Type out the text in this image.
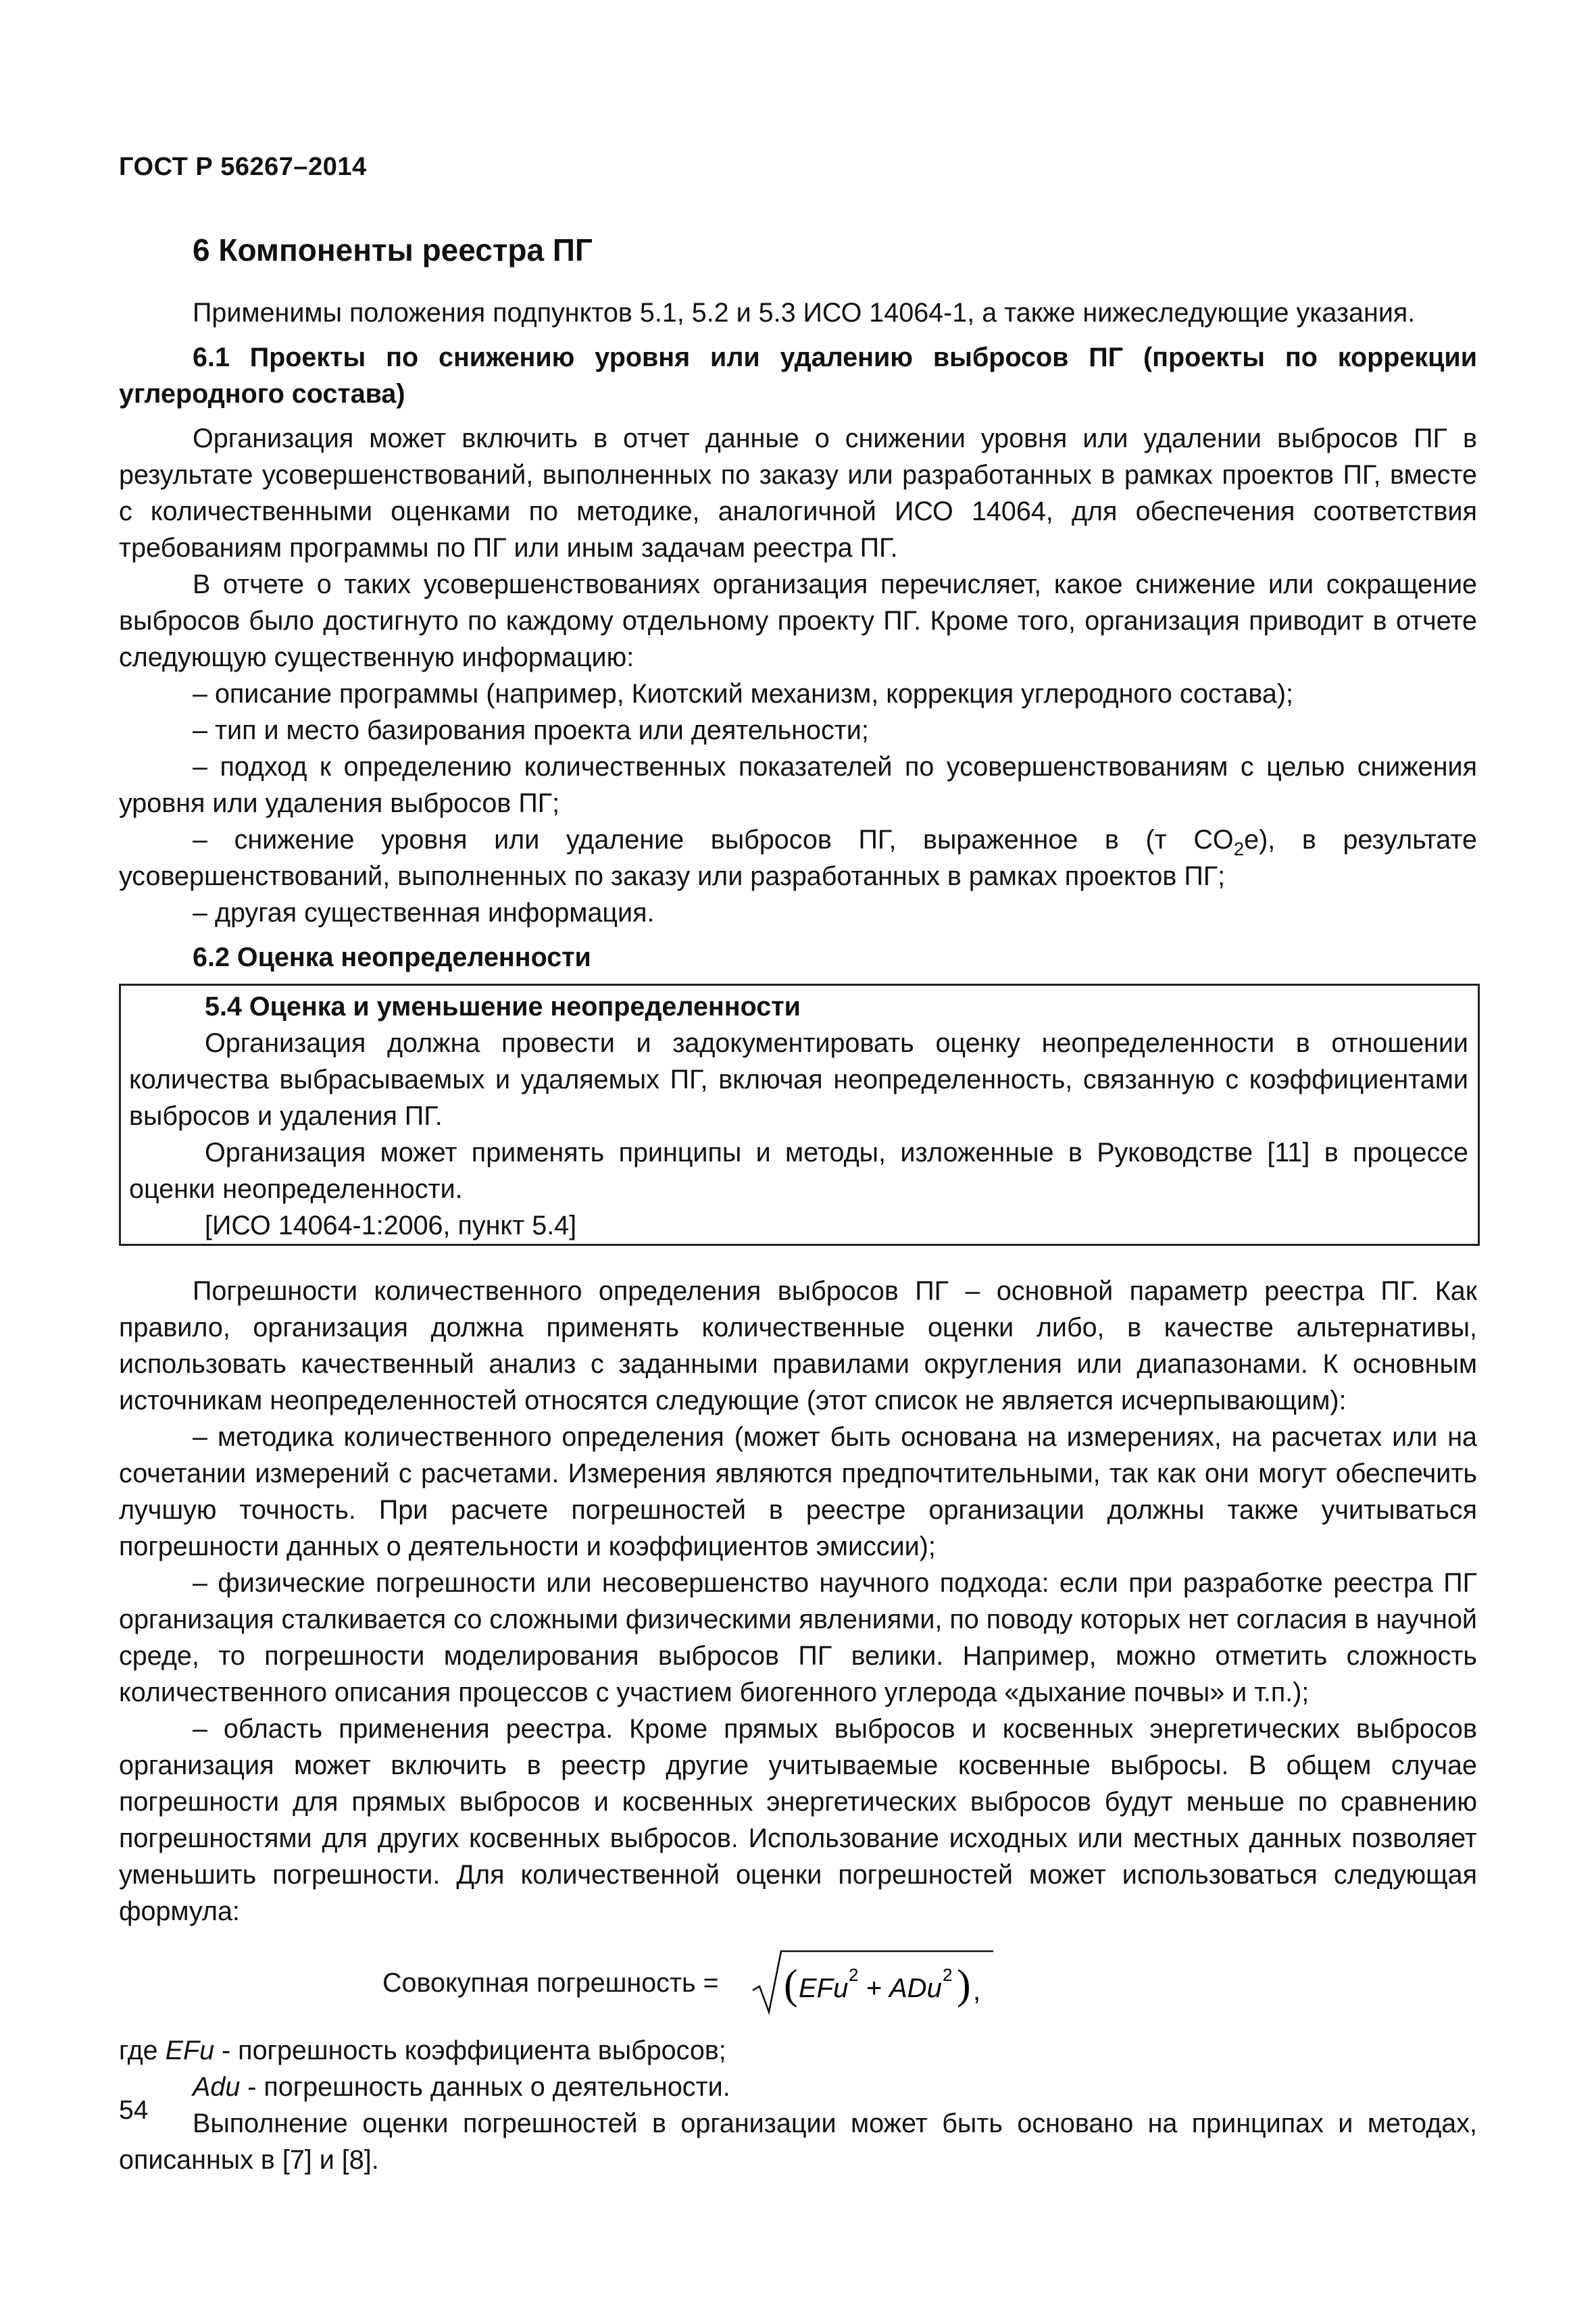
ГОСТ Р 56267–2014
6 Компоненты реестра ПГ

Применимы положения подпунктов 5.1, 5.2 и 5.3 ИСО 14064-1, а также нижеследующие указания.

6.1 Проекты по снижению уровня или удалению выбросов ПГ (проекты по коррекции углеродного состава)

Организация может включить в отчет данные о снижении уровня или удалении выбросов ПГ в результате усовершенствований, выполненных по заказу или разработанных в рамках проектов ПГ, вместе с количественными оценками по методике, аналогичной ИСО 14064, для обеспечения соответствия требованиям программы по ПГ или иным задачам реестра ПГ.

В отчете о таких усовершенствованиях организация перечисляет, какое снижение или сокращение выбросов было достигнуто по каждому отдельному проекту ПГ. Кроме того, организация приводит в отчете следующую существенную информацию:

– описание программы (например, Киотский механизм, коррекция углеродного состава);

– тип и место базирования проекта или деятельности;

– подход к определению количественных показателей по усовершенствованиям с целью снижения уровня или удаления выбросов ПГ;

– снижение уровня или удаление выбросов ПГ, выраженное в (т $CO_2е$), в результате усовершенствований, выполненных по заказу или разработанных в рамках проектов ПГ;

– другая существенная информация.

6.2 Оценка неопределенности

5.4 Оценка и уменьшение неопределенности

Организация должна провести и задокументировать оценку неопределенности в отношении количества выбрасываемых и удаляемых ПГ, включая неопределенность, связанную с коэффициентами выбросов и удаления ПГ.

Организация может применять принципы и методы, изложенные в Руководстве [11] в процессе оценки неопределенности.

[ИСО 14064-1:2006, пункт 5.4]

Погрешности количественного определения выбросов ПГ – основной параметр реестра ПГ. Как правило, организация должна применять количественные оценки либо, в качестве альтернативы, использовать качественный анализ с заданными правилами округления или диапазонами. К основным источникам неопределенностей относятся следующие (этот список не является исчерпывающим):

– методика количественного определения (может быть основана на измерениях, на расчетах или на сочетании измерений с расчетами. Измерения являются предпочтительными, так как они могут обеспечить лучшую точность. При расчете погрешностей в реестре организации должны также учитываться погрешности данных о деятельности и коэффициентов эмиссии);

– физические погрешности или несовершенство научного подхода: если при разработке реестра ПГ организация сталкивается со сложными физическими явлениями, по поводу которых нет согласия в научной среде, то погрешности моделирования выбросов ПГ велики. Например, можно отметить сложность количественного описания процессов с участием биогенного углерода «дыхание почвы» и т.п.);

– область применения реестра. Кроме прямых выбросов и косвенных энергетических выбросов организация может включить в реестр другие учитываемые косвенные выбросы. В общем случае погрешности для прямых выбросов и косвенных энергетических выбросов будут меньше по сравнению погрешностями для других косвенных выбросов. Использование исходных или местных данных позволяет уменьшить погрешности. Для количественной оценки погрешностей может использоваться следующая формула:

Совокупная погрешность = ( EFu 2 + ADu 2 ) ,

где EFu - погрешность коэффициента выбросов;

Adu - погрешность данных о деятельности.

Выполнение оценки погрешностей в организации может быть основано на принципах и методах, описанных в [7] и [8].

54
